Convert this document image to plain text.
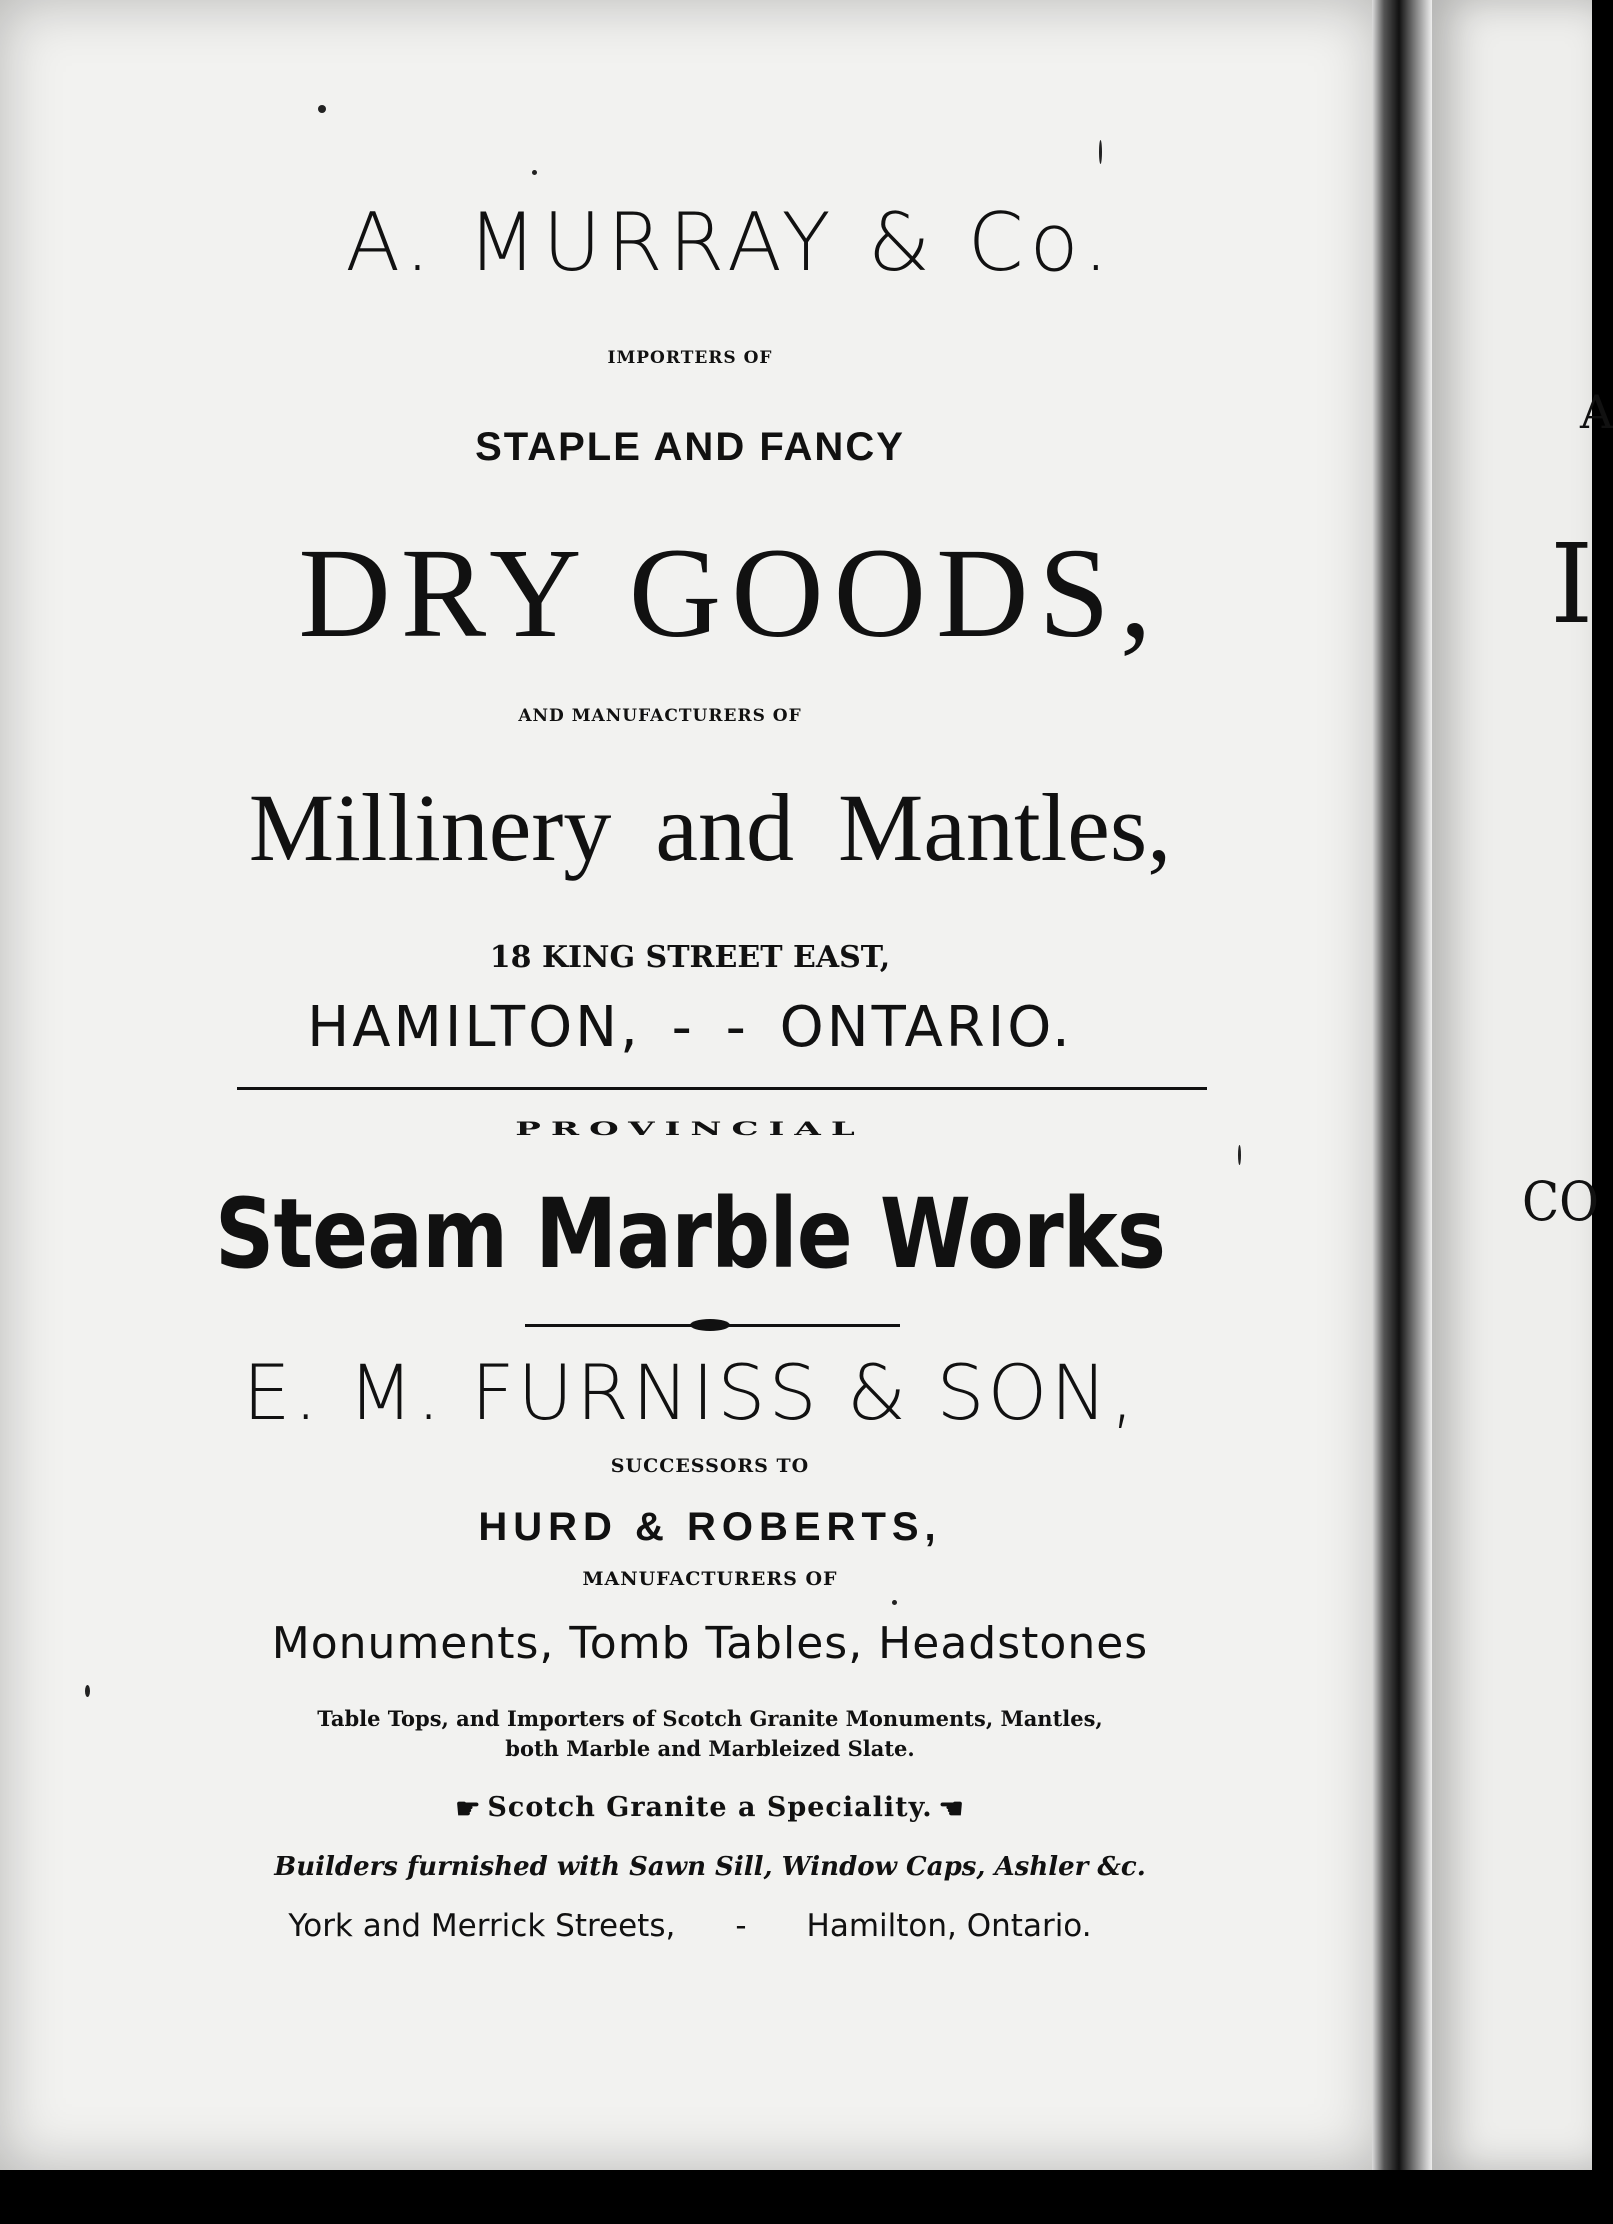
A. MURRAY & Co.
IMPORTERS OF
STAPLE AND FANCY
DRY GOODS,
AND MANUFACTURERS OF
Millinery and Mantles,
18 KING STREET EAST,
HAMILTON, - - ONTARIO.
PROVINCIAL
Steam Marble Works
E. M. FURNISS & SON,
SUCCESSORS TO
HURD & ROBERTS,
MANUFACTURERS OF
Monuments, Tomb Tables, Headstones
Table Tops, and Importers of Scotch Granite Monuments, Mantles,
both Marble and Marbleized Slate.
☛ Scotch Granite a Speciality. ☚
Builders furnished with Sawn Sill, Window Caps, Ashler &c.
York and Merrick Streets, - Hamilton, Ontario.
A
I
CO
